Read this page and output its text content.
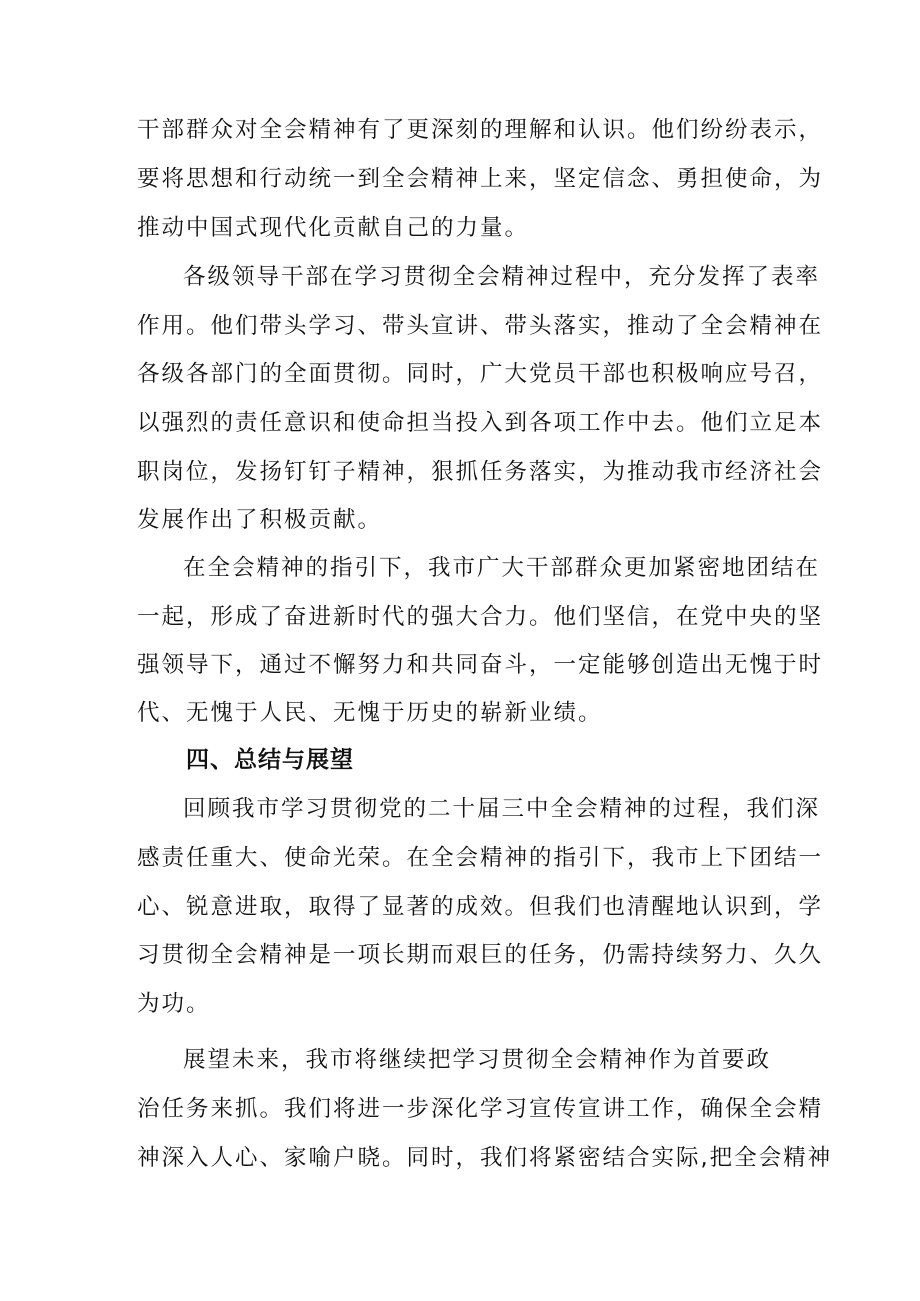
干部群众对全会精神有了更深刻的理解和认识。他们纷纷表示，
要将思想和行动统一到全会精神上来，坚定信念、勇担使命，为
推动中国式现代化贡献自己的力量。
各级领导干部在学习贯彻全会精神过程中，充分发挥了表率
作用。他们带头学习、带头宣讲、带头落实，推动了全会精神在
各级各部门的全面贯彻。同时，广大党员干部也积极响应号召，
以强烈的责任意识和使命担当投入到各项工作中去。他们立足本
职岗位，发扬钉钉子精神，狠抓任务落实，为推动我市经济社会
发展作出了积极贡献。
在全会精神的指引下，我市广大干部群众更加紧密地团结在
一起，形成了奋进新时代的强大合力。他们坚信，在党中央的坚
强领导下，通过不懈努力和共同奋斗，一定能够创造出无愧于时
代、无愧于人民、无愧于历史的崭新业绩。
四、总结与展望
回顾我市学习贯彻党的二十届三中全会精神的过程，我们深
感责任重大、使命光荣。在全会精神的指引下，我市上下团结一
心、锐意进取，取得了显著的成效。但我们也清醒地认识到，学
习贯彻全会精神是一项长期而艰巨的任务，仍需持续努力、久久
为功。
展望未来，我市将继续把学习贯彻全会精神作为首要政
治任务来抓。我们将进一步深化学习宣传宣讲工作，确保全会精
神深入人心、家喻户晓。同时，我们将紧密结合实际,把全会精神
